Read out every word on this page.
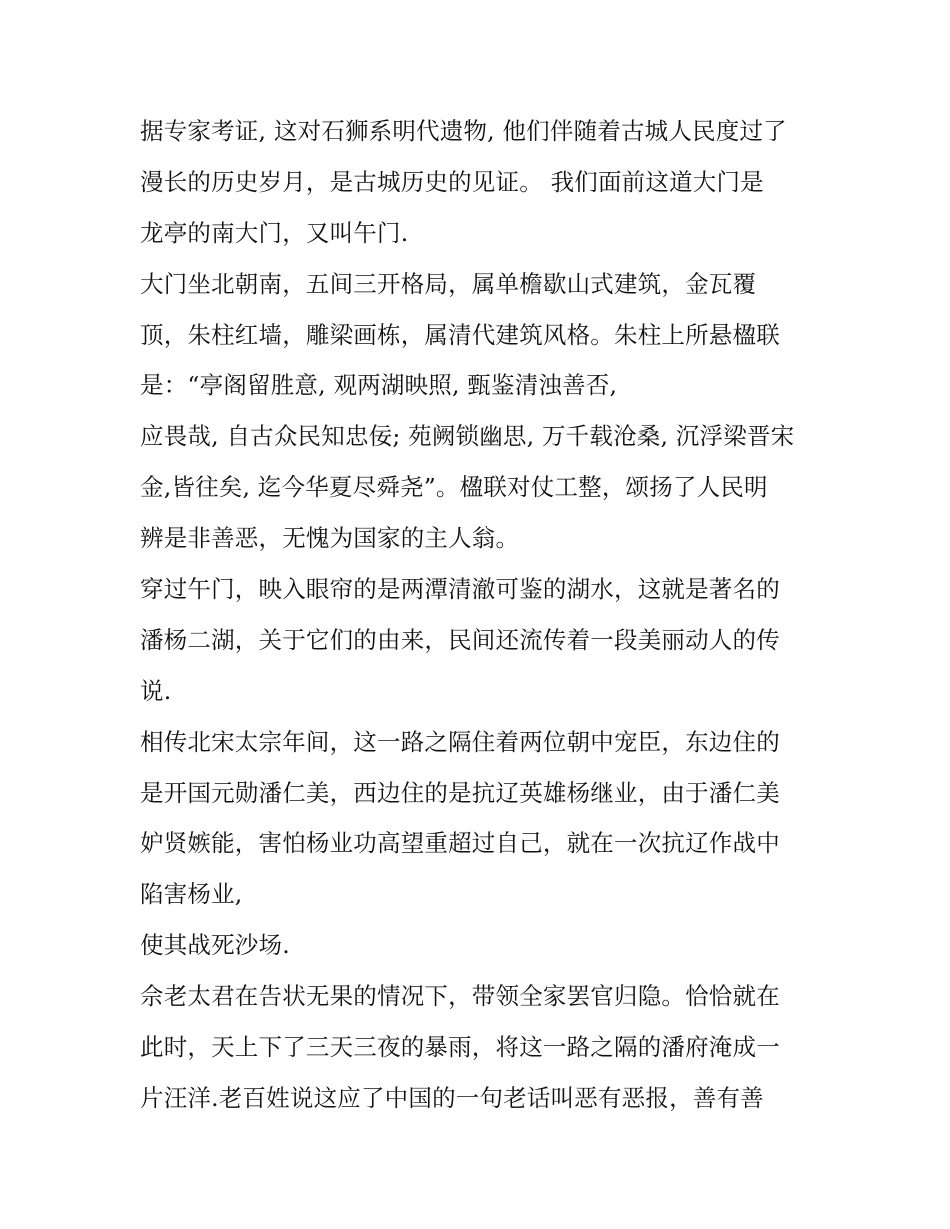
据专家考证, 这对石狮系明代遗物, 他们伴随着古城人民度过了
漫长的历史岁月，是古城历史的见证。 我们面前这道大门是
龙亭的南大门，又叫午门.
大门坐北朝南，五间三开格局，属单檐歇山式建筑，金瓦覆
顶，朱柱红墙，雕梁画栋，属清代建筑风格。朱柱上所悬楹联
是：“亭阁留胜意, 观两湖映照, 甄鉴清浊善否,
应畏哉, 自古众民知忠佞; 苑阙锁幽思, 万千载沧桑, 沉浮梁晋宋
金,皆往矣, 迄今华夏尽舜尧”。楹联对仗工整，颂扬了人民明
辨是非善恶，无愧为国家的主人翁。
穿过午门，映入眼帘的是两潭清澈可鉴的湖水，这就是著名的
潘杨二湖，关于它们的由来，民间还流传着一段美丽动人的传
说.
相传北宋太宗年间，这一路之隔住着两位朝中宠臣，东边住的
是开国元勋潘仁美，西边住的是抗辽英雄杨继业，由于潘仁美
妒贤嫉能，害怕杨业功高望重超过自己，就在一次抗辽作战中
陷害杨业,
使其战死沙场.
佘老太君在告状无果的情况下，带领全家罢官归隐。恰恰就在
此时，天上下了三天三夜的暴雨，将这一路之隔的潘府淹成一
片汪洋.老百姓说这应了中国的一句老话叫恶有恶报，善有善
